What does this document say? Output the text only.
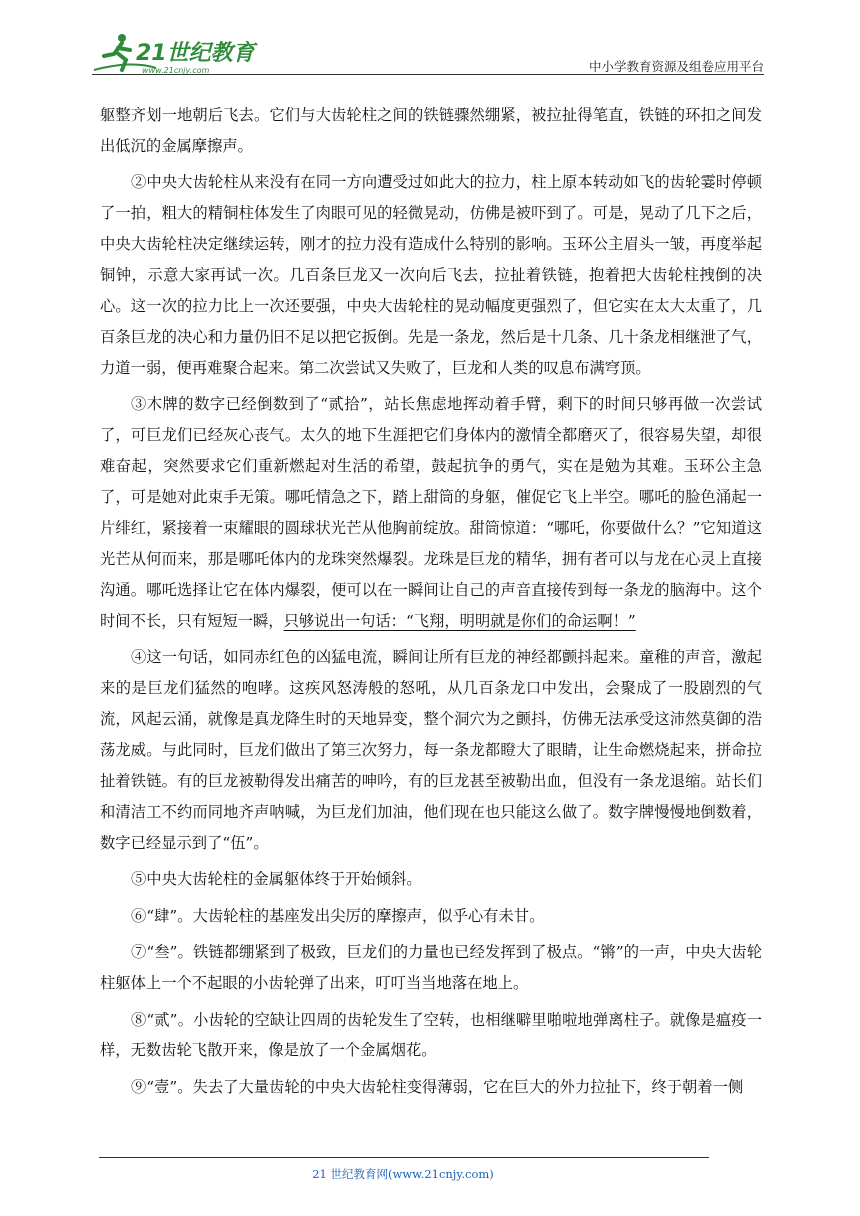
21世纪教育
www.21cnjy.com	中小学教育资源及组卷应用平台

躯整齐划一地朝后飞去。它们与大齿轮柱之间的铁链骤然绷紧，被拉扯得笔直，铁链的环扣之间发出低沉的金属摩擦声。

②中央大齿轮柱从来没有在同一方向遭受过如此大的拉力，柱上原本转动如飞的齿轮霎时停顿了一拍，粗大的精铜柱体发生了肉眼可见的轻微晃动，仿佛是被吓到了。可是，晃动了几下之后，中央大齿轮柱决定继续运转，刚才的拉力没有造成什么特别的影响。玉环公主眉头一皱，再度举起铜钟，示意大家再试一次。几百条巨龙又一次向后飞去，拉扯着铁链，抱着把大齿轮柱拽倒的决心。这一次的拉力比上一次还要强，中央大齿轮柱的晃动幅度更强烈了，但它实在太大太重了，几百条巨龙的决心和力量仍旧不足以把它扳倒。先是一条龙，然后是十几条、几十条龙相继泄了气，力道一弱，便再难聚合起来。第二次尝试又失败了，巨龙和人类的叹息布满穹顶。

③木牌的数字已经倒数到了“贰拾”，站长焦虑地挥动着手臂，剩下的时间只够再做一次尝试了，可巨龙们已经灰心丧气。太久的地下生涯把它们身体内的激情全都磨灭了，很容易失望，却很难奋起，突然要求它们重新燃起对生活的希望，鼓起抗争的勇气，实在是勉为其难。玉环公主急了，可是她对此束手无策。哪吒情急之下，踏上甜筒的身躯，催促它飞上半空。哪吒的脸色涌起一片绯红，紧接着一束耀眼的圆球状光芒从他胸前绽放。甜筒惊道：“哪吒，你要做什么？”它知道这光芒从何而来，那是哪吒体内的龙珠突然爆裂。龙珠是巨龙的精华，拥有者可以与龙在心灵上直接沟通。哪吒选择让它在体内爆裂，便可以在一瞬间让自己的声音直接传到每一条龙的脑海中。这个时间不长，只有短短一瞬，只够说出一句话：“飞翔，明明就是你们的命运啊！”

④这一句话，如同赤红色的凶猛电流，瞬间让所有巨龙的神经都颤抖起来。童稚的声音，激起来的是巨龙们猛然的咆哮。这疾风怒涛般的怒吼，从几百条龙口中发出，会聚成了一股剧烈的气流，风起云涌，就像是真龙降生时的天地异变，整个洞穴为之颤抖，仿佛无法承受这沛然莫御的浩荡龙威。与此同时，巨龙们做出了第三次努力，每一条龙都瞪大了眼睛，让生命燃烧起来，拼命拉扯着铁链。有的巨龙被勒得发出痛苦的呻吟，有的巨龙甚至被勒出血，但没有一条龙退缩。站长们和清洁工不约而同地齐声呐喊，为巨龙们加油，他们现在也只能这么做了。数字牌慢慢地倒数着，数字已经显示到了“伍”。

⑤中央大齿轮柱的金属躯体终于开始倾斜。

⑥“肆”。大齿轮柱的基座发出尖厉的摩擦声，似乎心有未甘。

⑦“叁”。铁链都绷紧到了极致，巨龙们的力量也已经发挥到了极点。“锵”的一声，中央大齿轮柱躯体上一个不起眼的小齿轮弹了出来，叮叮当当地落在地上。

⑧“贰”。小齿轮的空缺让四周的齿轮发生了空转，也相继噼里啪啦地弹离柱子。就像是瘟疫一样，无数齿轮飞散开来，像是放了一个金属烟花。

⑨“壹”。失去了大量齿轮的中央大齿轮柱变得薄弱，它在巨大的外力拉扯下，终于朝着一侧

21 世纪教育网(www.21cnjy.com)
